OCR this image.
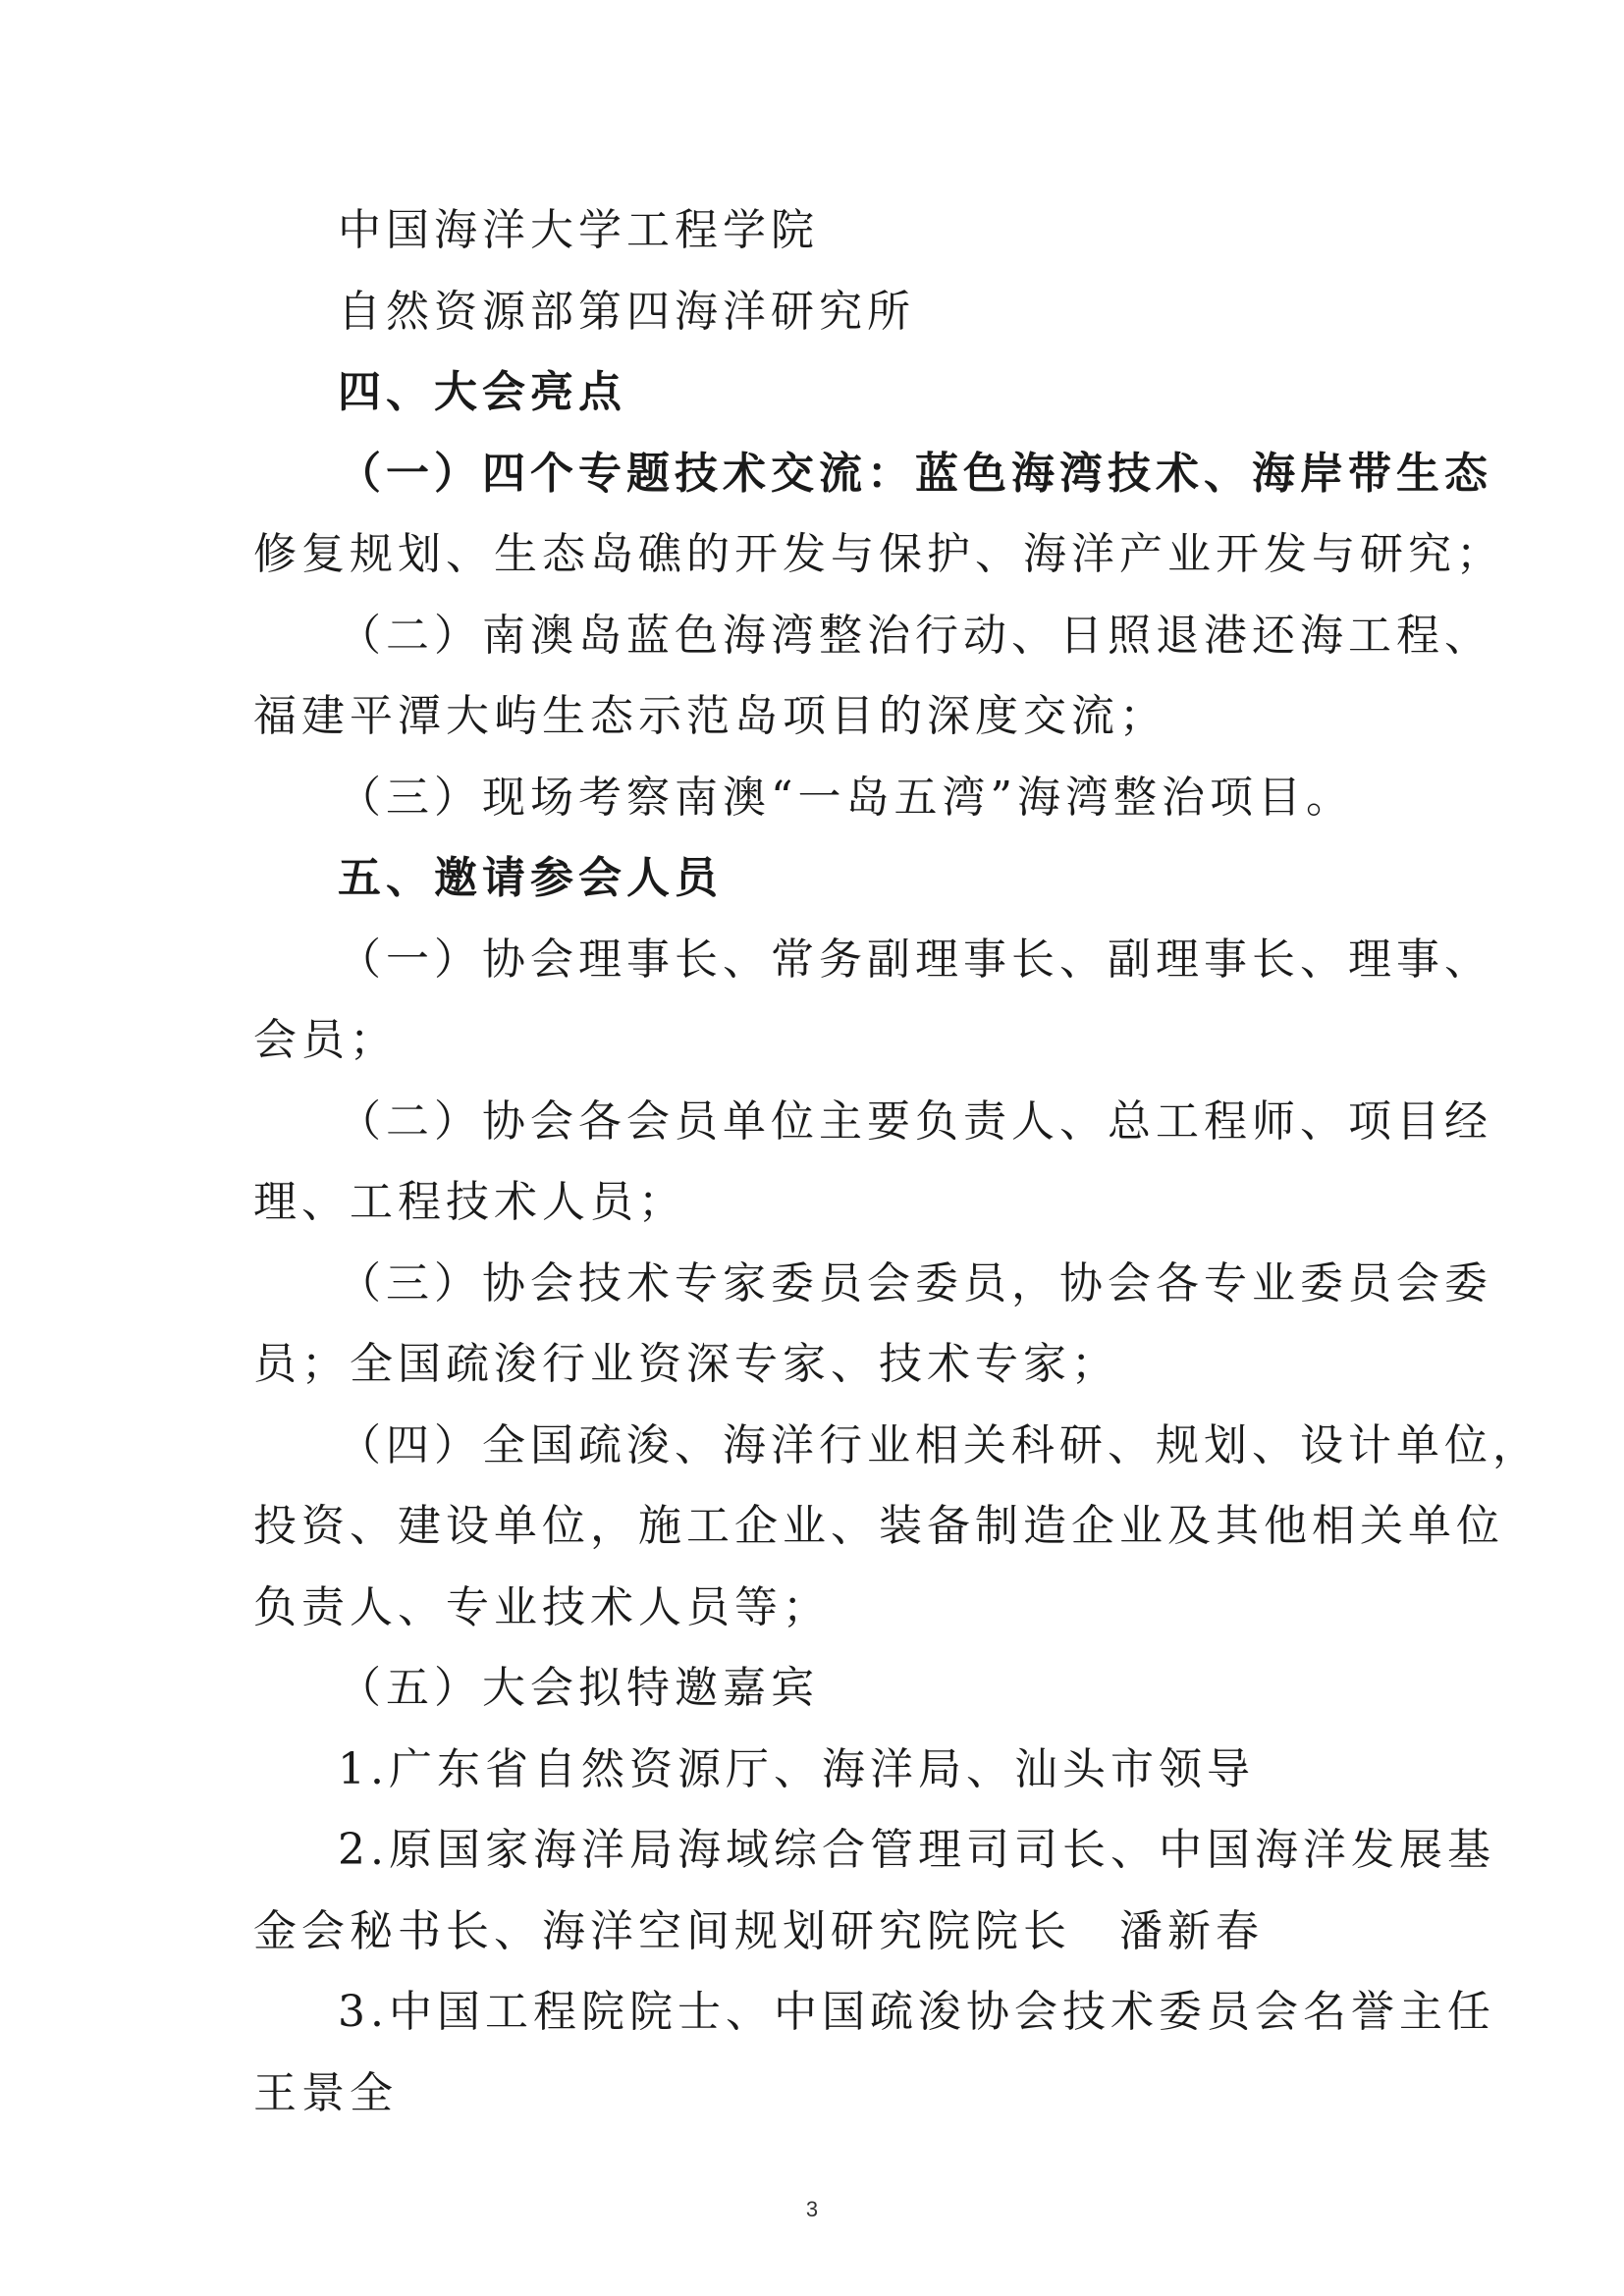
中国海洋大学工程学院
自然资源部第四海洋研究所
四、大会亮点
（一）四个专题技术交流：蓝色海湾技术、海岸带生态
修复规划、生态岛礁的开发与保护、海洋产业开发与研究；
（二）南澳岛蓝色海湾整治行动、日照退港还海工程、
福建平潭大屿生态示范岛项目的深度交流；
（三）现场考察南澳“一岛五湾”海湾整治项目。
五、邀请参会人员
（一）协会理事长、常务副理事长、副理事长、理事、
会员；
（二）协会各会员单位主要负责人、总工程师、项目经
理、工程技术人员；
（三）协会技术专家委员会委员，协会各专业委员会委
员；全国疏浚行业资深专家、技术专家；
（四）全国疏浚、海洋行业相关科研、规划、设计单位，
投资、建设单位，施工企业、装备制造企业及其他相关单位
负责人、专业技术人员等；
（五）大会拟特邀嘉宾
1.广东省自然资源厅、海洋局、汕头市领导
2.原国家海洋局海域综合管理司司长、中国海洋发展基
金会秘书长、海洋空间规划研究院院长　潘新春
3.中国工程院院士、中国疏浚协会技术委员会名誉主任
王景全
3
